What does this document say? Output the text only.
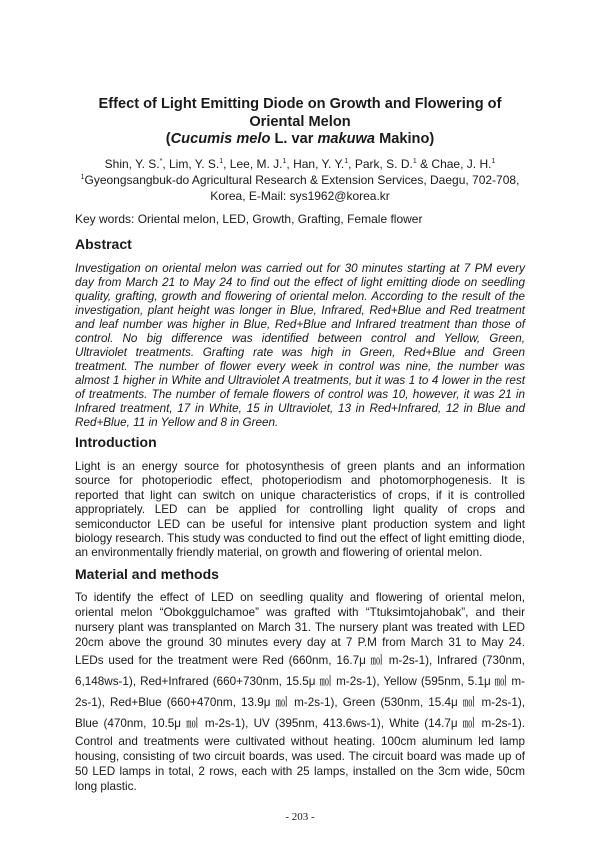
Effect of Light Emitting Diode on Growth and Flowering of
Oriental Melon
(Cucumis melo L. var makuwa Makino)
Shin, Y. S.*, Lim, Y. S.$^1$, Lee, M. J.$^1$, Han, Y. Y.$^1$, Park, S. D.$^1$ & Chae, J. H.$^1$
$^1$Gyeongsangbuk-do Agricultural Research & Extension Services, Daegu, 702-708,
Korea, E-Mail: sys1962@korea.kr
Key words: Oriental melon, LED, Growth, Grafting, Female flower
Abstract
Investigation on oriental melon was carried out for 30 minutes starting at 7 PM every
day from March 21 to May 24 to find out the effect of light emitting diode on seedling
quality, grafting, growth and flowering of oriental melon. According to the result of the
investigation, plant height was longer in Blue, Infrared, Red+Blue and Red treatment
and leaf number was higher in Blue, Red+Blue and Infrared treatment than those of
control. No big difference was identified between control and Yellow, Green,
Ultraviolet treatments. Grafting rate was high in Green, Red+Blue and Green
treatment. The number of flower every week in control was nine, the number was
almost 1 higher in White and Ultraviolet A treatments, but it was 1 to 4 lower in the rest
of treatments. The number of female flowers of control was 10, however, it was 21 in
Infrared treatment, 17 in White, 15 in Ultraviolet, 13 in Red+Infrared, 12 in Blue and
Red+Blue, 11 in Yellow and 8 in Green.
Introduction
Light is an energy source for photosynthesis of green plants and an information
source for photoperiodic effect, photoperiodism and photomorphogenesis. It is
reported that light can switch on unique characteristics of crops, if it is controlled
appropriately. LED can be applied for controlling light quality of crops and
semiconductor LED can be useful for intensive plant production system and light
biology research. This study was conducted to find out the effect of light emitting diode,
an environmentally friendly material, on growth and flowering of oriental melon.
Material and methods
To identify the effect of LED on seedling quality and flowering of oriental melon,
oriental melon “Obokggulchamoe” was grafted with “Ttuksimtojahobak”, and their
nursery plant was transplanted on March 31. The nursery plant was treated with LED
20cm above the ground 30 minutes every day at 7 P.M from March 31 to May 24.
LEDs used for the treatment were Red (660nm, 16.7μ ㏖ m-2s-1), Infrared (730nm,
6,148ws-1), Red+Infrared (660+730nm, 15.5μ ㏖ m-2s-1), Yellow (595nm, 5.1μ ㏖ m-
2s-1), Red+Blue (660+470nm, 13.9μ ㏖ m-2s-1), Green (530nm, 15.4μ ㏖ m-2s-1),
Blue (470nm, 10.5μ ㏖ m-2s-1), UV (395nm, 413.6ws-1), White (14.7μ ㏖ m-2s-1).
Control and treatments were cultivated without heating. 100cm aluminum led lamp
housing, consisting of two circuit boards, was used. The circuit board was made up of
50 LED lamps in total, 2 rows, each with 25 lamps, installed on the 3cm wide, 50cm
long plastic.
- 203 -
